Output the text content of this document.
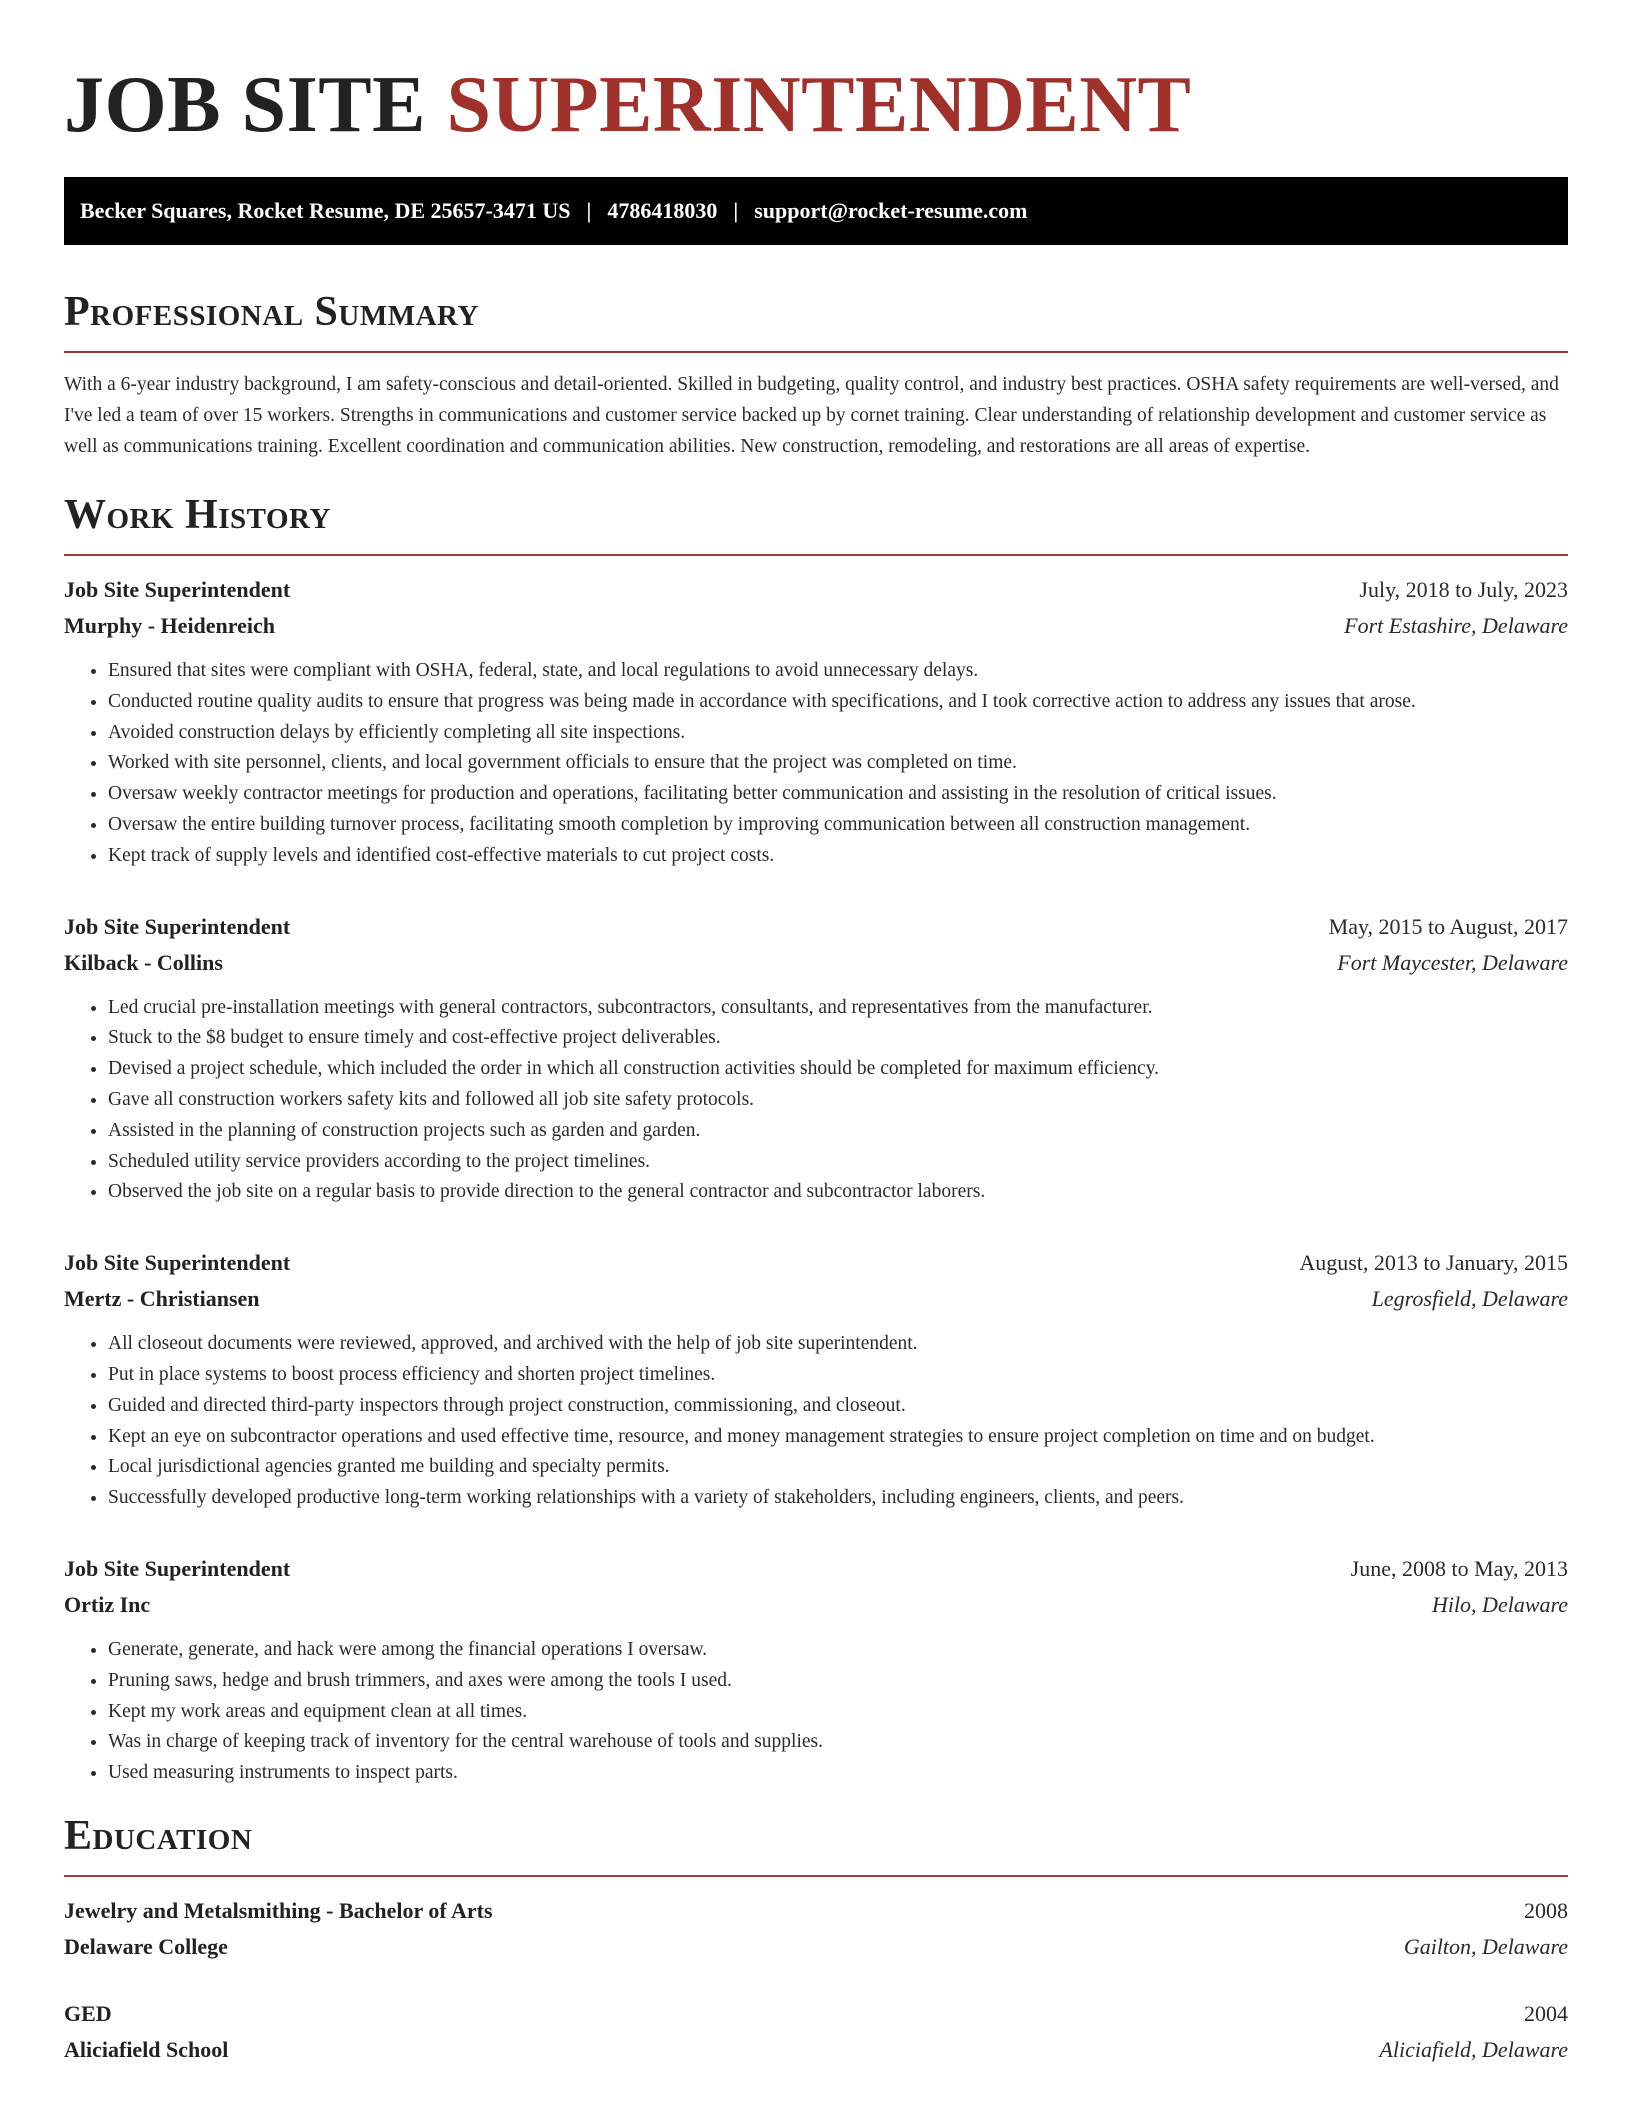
JOB SITE SUPERINTENDENT
Becker Squares, Rocket Resume, DE 25657-3471 US | 4786418030 | support@rocket-resume.com
Professional Summary

With a 6-year industry background, I am safety-conscious and detail-oriented. Skilled in budgeting, quality control, and industry best practices. OSHA safety requirements are well-versed, and I've led a team of over 15 workers. Strengths in communications and customer service backed up by cornet training. Clear understanding of relationship development and customer service as well as communications training. Excellent coordination and communication abilities. New construction, remodeling, and restorations are all areas of expertise.

Work History
Job Site Superintendent	July, 2018 to July, 2023
Murphy - Heidenreich	Fort Estashire, Delaware
• Ensured that sites were compliant with OSHA, federal, state, and local regulations to avoid unnecessary delays.
• Conducted routine quality audits to ensure that progress was being made in accordance with specifications, and I took corrective action to address any issues that arose.
• Avoided construction delays by efficiently completing all site inspections.
• Worked with site personnel, clients, and local government officials to ensure that the project was completed on time.
• Oversaw weekly contractor meetings for production and operations, facilitating better communication and assisting in the resolution of critical issues.
• Oversaw the entire building turnover process, facilitating smooth completion by improving communication between all construction management.
• Kept track of supply levels and identified cost-effective materials to cut project costs.
Job Site Superintendent	May, 2015 to August, 2017
Kilback - Collins	Fort Maycester, Delaware
• Led crucial pre-installation meetings with general contractors, subcontractors, consultants, and representatives from the manufacturer.
• Stuck to the $8 budget to ensure timely and cost-effective project deliverables.
• Devised a project schedule, which included the order in which all construction activities should be completed for maximum efficiency.
• Gave all construction workers safety kits and followed all job site safety protocols.
• Assisted in the planning of construction projects such as garden and garden.
• Scheduled utility service providers according to the project timelines.
• Observed the job site on a regular basis to provide direction to the general contractor and subcontractor laborers.
Job Site Superintendent	August, 2013 to January, 2015
Mertz - Christiansen	Legrosfield, Delaware
• All closeout documents were reviewed, approved, and archived with the help of job site superintendent.
• Put in place systems to boost process efficiency and shorten project timelines.
• Guided and directed third-party inspectors through project construction, commissioning, and closeout.
• Kept an eye on subcontractor operations and used effective time, resource, and money management strategies to ensure project completion on time and on budget.
• Local jurisdictional agencies granted me building and specialty permits.
• Successfully developed productive long-term working relationships with a variety of stakeholders, including engineers, clients, and peers.
Job Site Superintendent	June, 2008 to May, 2013
Ortiz Inc	Hilo, Delaware
• Generate, generate, and hack were among the financial operations I oversaw.
• Pruning saws, hedge and brush trimmers, and axes were among the tools I used.
• Kept my work areas and equipment clean at all times.
• Was in charge of keeping track of inventory for the central warehouse of tools and supplies.
• Used measuring instruments to inspect parts.
Education
Jewelry and Metalsmithing - Bachelor of Arts	2008
Delaware College	Gailton, Delaware
GED	2004
Aliciafield School	Aliciafield, Delaware
